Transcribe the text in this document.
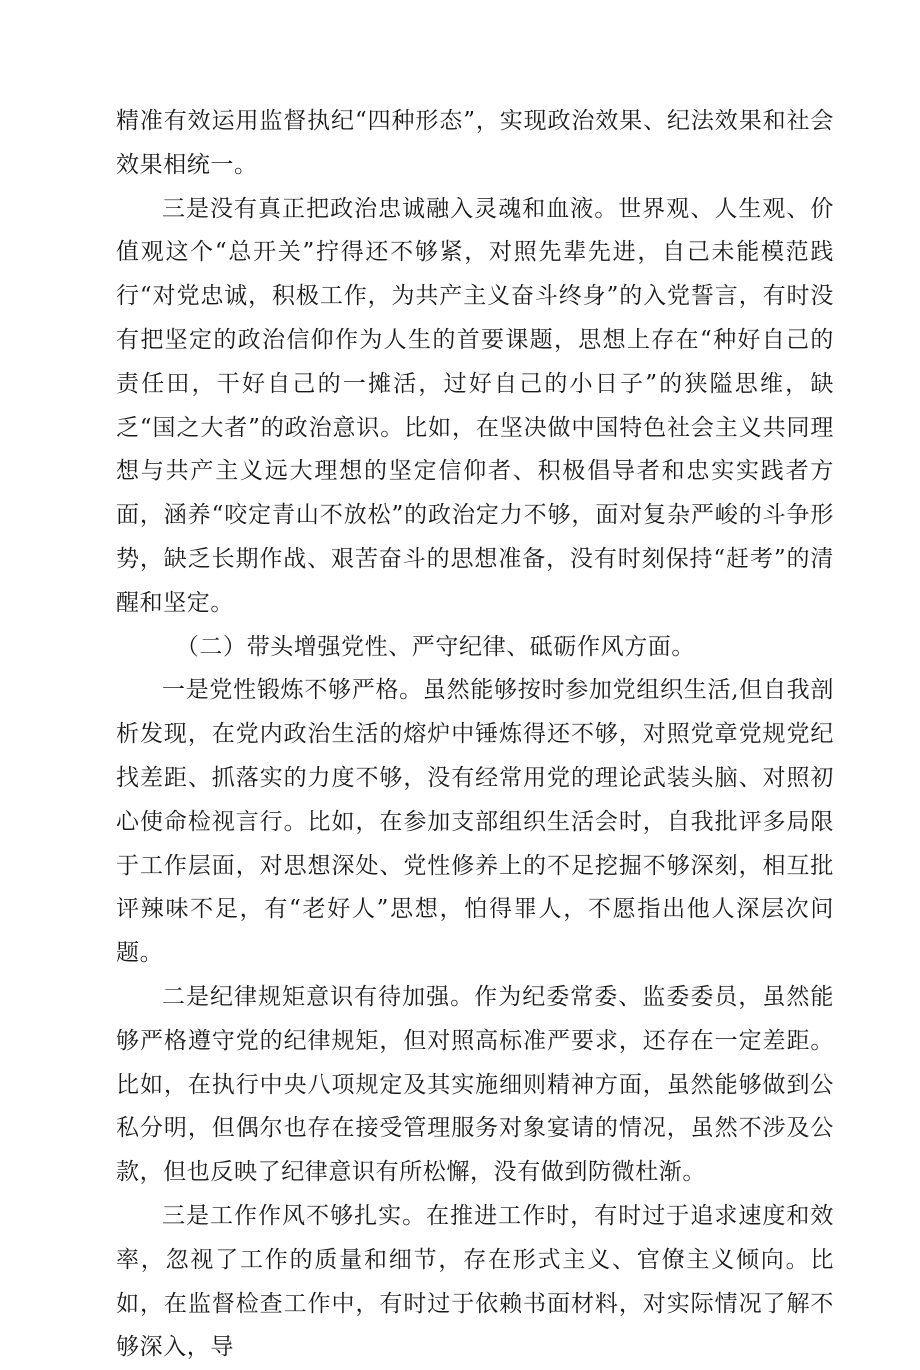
精准有效运用监督执纪“四种形态”，实现政治效果、纪法效果和社会效果相统一。

三是没有真正把政治忠诚融入灵魂和血液。世界观、人生观、价值观这个“总开关”拧得还不够紧，对照先辈先进，自己未能模范践行“对党忠诚，积极工作，为共产主义奋斗终身”的入党誓言，有时没有把坚定的政治信仰作为人生的首要课题，思想上存在“种好自己的责任田，干好自己的一摊活，过好自己的小日子”的狭隘思维，缺乏“国之大者”的政治意识。比如，在坚决做中国特色社会主义共同理想与共产主义远大理想的坚定信仰者、积极倡导者和忠实实践者方面，涵养“咬定青山不放松”的政治定力不够，面对复杂严峻的斗争形势，缺乏长期作战、艰苦奋斗的思想准备，没有时刻保持“赶考”的清醒和坚定。

（二）带头增强党性、严守纪律、砥砺作风方面。

一是党性锻炼不够严格。虽然能够按时参加党组织生活,但自我剖析发现，在党内政治生活的熔炉中锤炼得还不够，对照党章党规党纪找差距、抓落实的力度不够，没有经常用党的理论武装头脑、对照初心使命检视言行。比如，在参加支部组织生活会时，自我批评多局限于工作层面，对思想深处、党性修养上的不足挖掘不够深刻，相互批评辣味不足，有“老好人”思想，怕得罪人，不愿指出他人深层次问题。

二是纪律规矩意识有待加强。作为纪委常委、监委委员，虽然能够严格遵守党的纪律规矩，但对照高标准严要求，还存在一定差距。比如，在执行中央八项规定及其实施细则精神方面，虽然能够做到公私分明，但偶尔也存在接受管理服务对象宴请的情况，虽然不涉及公款，但也反映了纪律意识有所松懈，没有做到防微杜渐。

三是工作作风不够扎实。在推进工作时，有时过于追求速度和效率，忽视了工作的质量和细节，存在形式主义、官僚主义倾向。比如，在监督检查工作中，有时过于依赖书面材料，对实际情况了解不够深入，导
